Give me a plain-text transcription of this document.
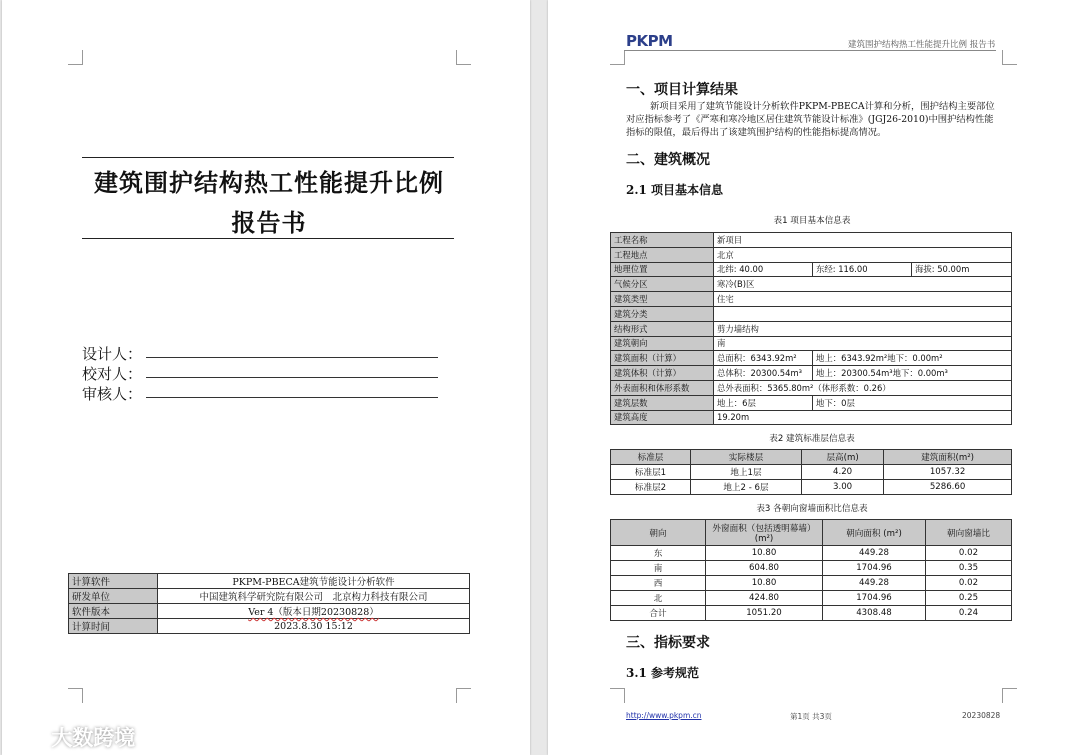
建筑围护结构热工性能提升比例
报告书
设计人：
校对人：
审核人：
计算软件	PKPM-PBECA建筑节能设计分析软件
研发单位	中国建筑科学研究院有限公司　北京构力科技有限公司
软件版本	Ver 4（版本日期20230828）
计算时间	2023.8.30 15:12
PKPM	建筑围护结构热工性能提升比例 报告书
一、项目计算结果
新项目采用了建筑节能设计分析软件PKPM-PBECA计算和分析，围护结构主要部位对应指标参考了《严寒和寒冷地区居住建筑节能设计标准》(JGJ26-2010)中围护结构性能指标的限值，最后得出了该建筑围护结构的性能指标提高情况。
二、建筑概况
2.1 项目基本信息
表1 项目基本信息表
工程名称	新项目		
工程地点	北京		
地理位置	北纬: 40.00	东经: 116.00	海拔: 50.00m
气候分区	寒冷(B)区		
建筑类型	住宅		
建筑分类			
结构形式	剪力墙结构		
建筑朝向	南		
建筑面积（计算）	总面积：6343.92m²	地上：6343.92m²地下：0.00m²	
建筑体积（计算）	总体积：20300.54m³	地上：20300.54m³地下：0.00m³	
外表面积和体形系数	总外表面积：5365.80m²（体形系数：0.26）		
建筑层数	地上：6层	地下：0层	
建筑高度	19.20m		
表2 建筑标准层信息表
标准层	实际楼层	层高(m)	建筑面积(m²)
标准层1	地上1层	4.20	1057.32
标准层2	地上2 - 6层	3.00	5286.60
表3 各朝向窗墙面积比信息表
朝向	外窗面积（包括透明幕墙）(m²)	朝向面积 (m²)	朝向窗墙比
东	10.80	449.28	0.02
南	604.80	1704.96	0.35
西	10.80	449.28	0.02
北	424.80	1704.96	0.25
合计	1051.20	4308.48	0.24
三、指标要求
3.1 参考规范
http://www.pkpm.cn	第1页 共3页	20230828
大数跨境
